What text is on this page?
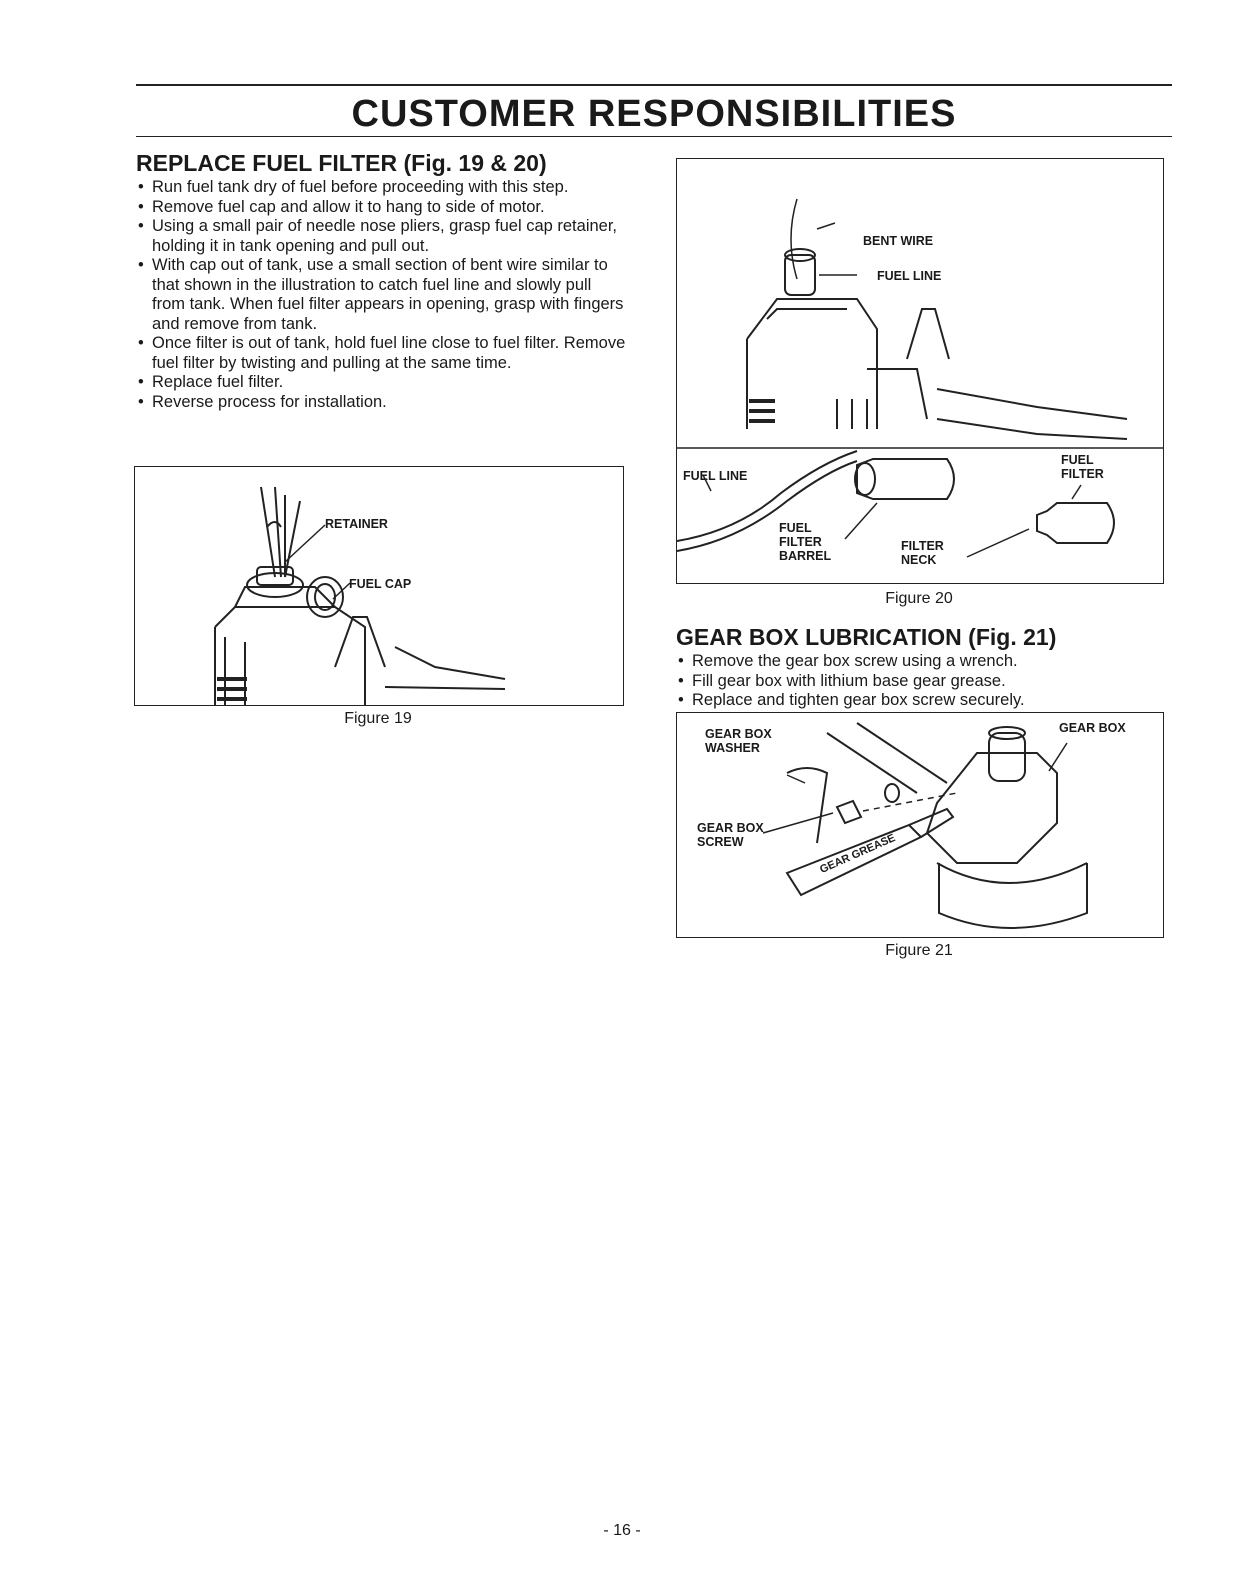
CUSTOMER RESPONSIBILITIES
REPLACE FUEL FILTER (Fig. 19 & 20)
• Run fuel tank dry of fuel before proceeding with this step.
• Remove fuel cap and allow it to hang to side of motor.
• Using a small pair of needle nose pliers, grasp fuel cap retainer, holding it in tank opening and pull out.
• With cap out of tank, use a small section of bent wire similar to that shown in the illustration to catch fuel line and slowly pull from tank. When fuel filter appears in opening, grasp with fingers and remove from tank.
• Once filter is out of tank, hold fuel line close to fuel filter. Remove fuel filter by twisting and pulling at the same time.
• Replace fuel filter.
• Reverse process for installation.
RETAINER
FUEL CAP
Figure 19
BENT WIRE
FUEL LINE
FUEL LINE
FUEL
FILTER
BARREL
FILTER
NECK
FUEL
FILTER
Figure 20
GEAR BOX LUBRICATION (Fig. 21)
• Remove the gear box screw using a wrench.
• Fill gear box with lithium base gear grease.
• Replace and tighten gear box screw securely.
GEAR BOX
WASHER
GEAR BOX
SCREW
GEAR BOX
GEAR GREASE
Figure 21
- 16 -
